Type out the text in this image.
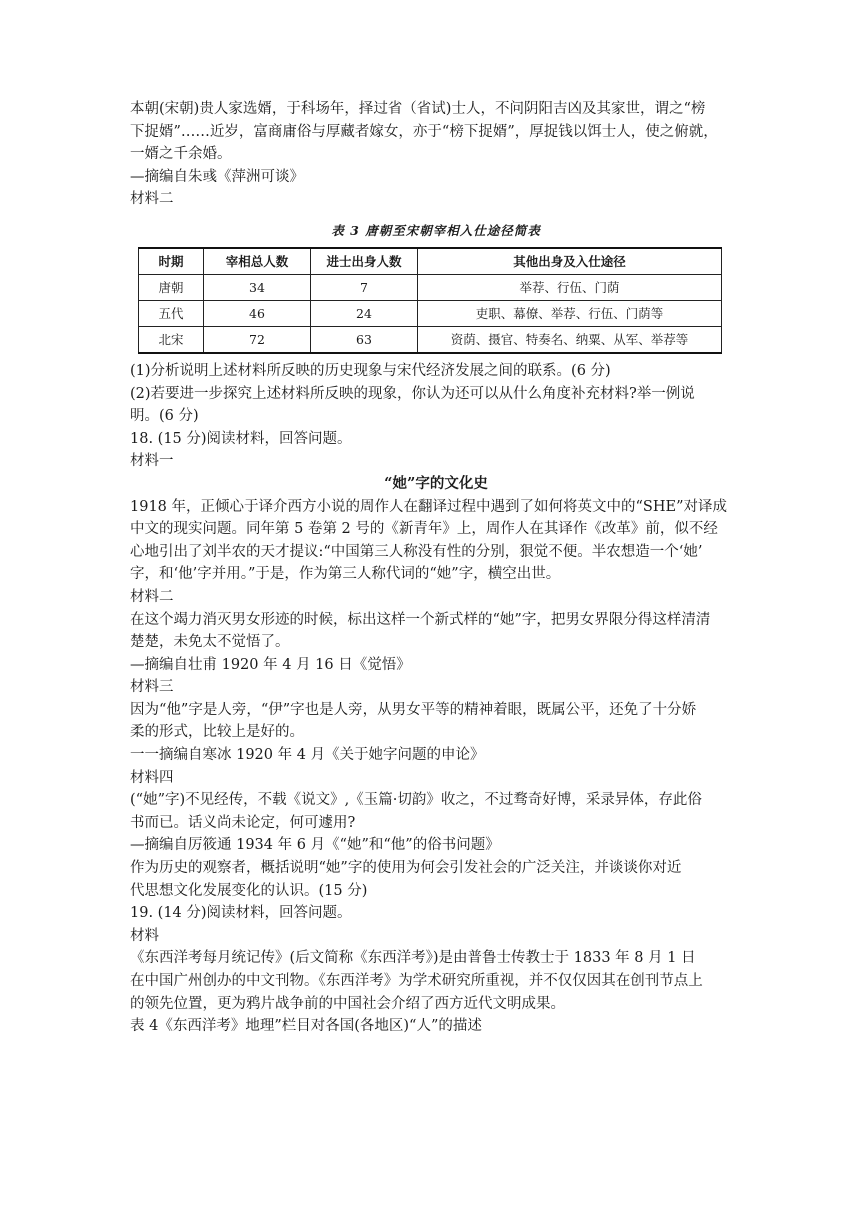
本朝(宋朝)贵人家选婿，于科场年，择过省（省试)士人，不问阴阳吉凶及其家世，谓之“榜

下捉婿”……近岁，富商庸俗与厚藏者嫁女，亦于“榜下捉婿”，厚捉钱以饵士人，使之俯就，

一婿之千余婚。

—摘编自朱彧《萍洲可谈》

材料二

表 3 唐朝至宋朝宰相入仕途径简表
时期	宰相总人数	进士出身人数	其他出身及入仕途径
唐朝	34	7	举荐、行伍、门荫
五代	46	24	吏职、幕僚、举荐、行伍、门荫等
北宋	72	63	资荫、摄官、特奏名、纳粟、从军、举荐等

(1)分析说明上述材料所反映的历史现象与宋代经济发展之间的联系。(6 分)

(2)若要进一步探究上述材料所反映的现象，你认为还可以从什么角度补充材料?举一例说

明。(6 分)

18. (15 分)阅读材料，回答问题。

材料一

“她”字的文化史

1918 年，正倾心于译介西方小说的周作人在翻译过程中遇到了如何将英文中的“SHE”对译成

中文的现实问题。同年第 5 卷第 2 号的《新青年》上，周作人在其译作《改革》前，似不经

心地引出了刘半农的天才提议:“中国第三人称没有性的分别，狠觉不便。半农想造一个‘她’

字，和‘他’字并用。”于是，作为第三人称代词的“她”字，横空出世。

材料二

在这个竭力消灭男女形迹的时候，标出这样一个新式样的“她”字，把男女界限分得这样清清

楚楚，未免太不觉悟了。

—摘编自壮甫 1920 年 4 月 16 日《觉悟》

材料三

因为“他”字是人旁，“伊”字也是人旁，从男女平等的精神着眼，既属公平，还免了十分娇

柔的形式，比较上是好的。

一一摘编自寒冰 1920 年 4 月《关于她字问题的申论》

材料四

(“她”字)不见经传，不载《说文》,《玉篇·切韵》收之，不过骛奇好博，采录异体，存此俗

书而已。话义尚未论定，何可遽用?

—摘编自厉筱通 1934 年 6 月《“她”和“他”的俗书问题》

作为历史的观察者，概括说明“她”字的使用为何会引发社会的广泛关注，并谈谈你对近

代思想文化发展变化的认识。(15 分)

19. (14 分)阅读材料，回答问题。

材料

《东西洋考每月统记传》(后文简称《东西洋考》)是由普鲁士传教士于 1833 年 8 月 1 日

在中国广州创办的中文刊物。《东西洋考》为学术研究所重视，并不仅仅因其在创刊节点上

的领先位置，更为鸦片战争前的中国社会介绍了西方近代文明成果。

表 4《东西洋考》地理”栏目对各国(各地区)“人”的描述
